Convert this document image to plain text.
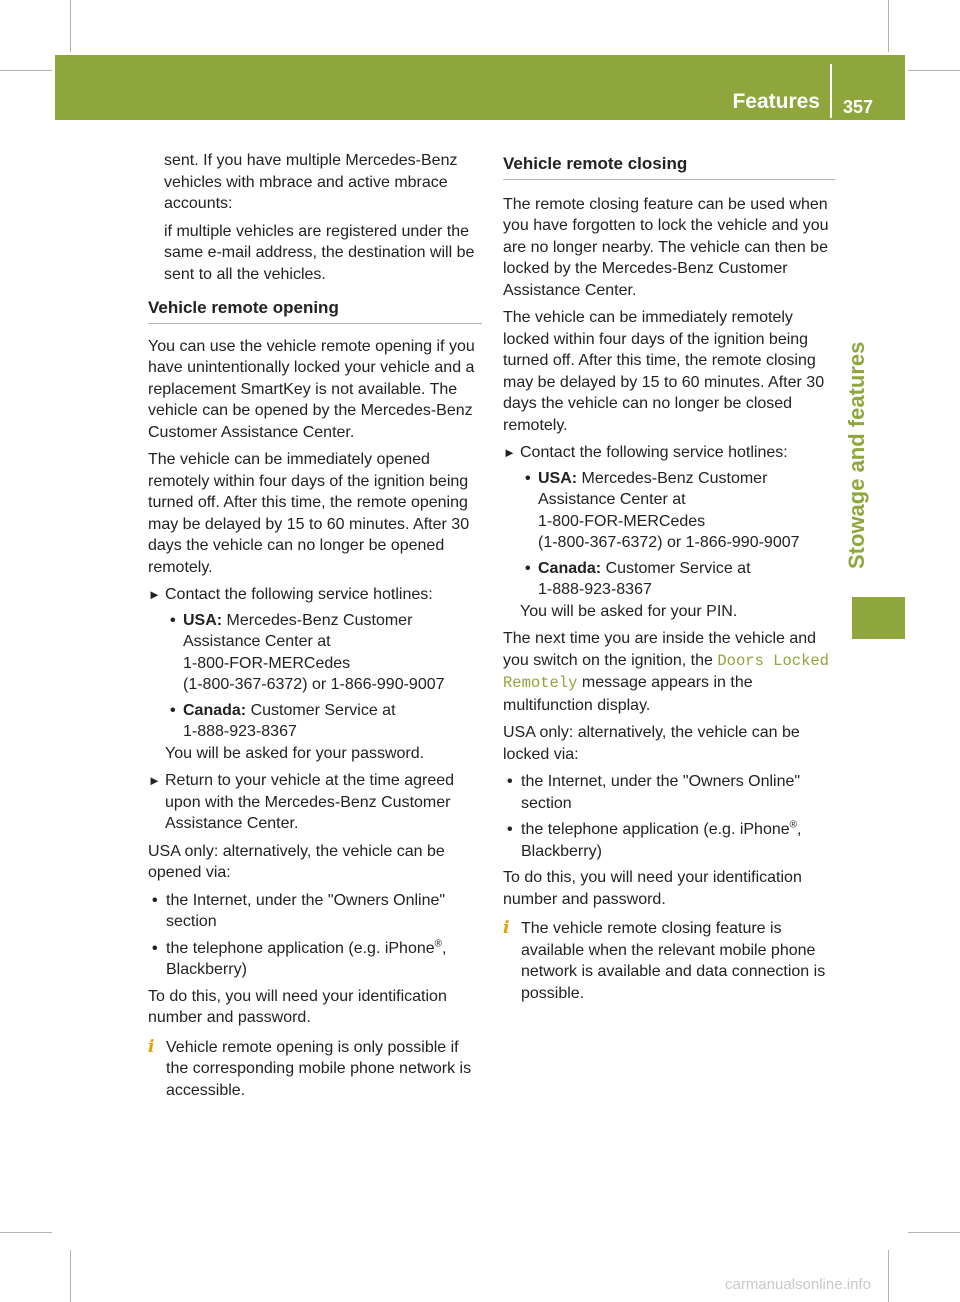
Features 357
Stowage and features

sent. If you have multiple Mercedes-Benz vehicles with mbrace and active mbrace accounts:

if multiple vehicles are registered under the same e-mail address, the destination will be sent to all the vehicles.

Vehicle remote opening

You can use the vehicle remote opening if you have unintentionally locked your vehicle and a replacement SmartKey is not available. The vehicle can be opened by the Mercedes-Benz Customer Assistance Center.

The vehicle can be immediately opened remotely within four days of the ignition being turned off. After this time, the remote opening may be delayed by 15 to 60 minutes. After 30 days the vehicle can no longer be opened remotely.

► Contact the following service hotlines:
• USA: Mercedes-Benz Customer Assistance Center at
1-800-FOR-MERCedes
(1-800-367-6372) or 1-866-990-9007
• Canada: Customer Service at
1-888-923-8367

You will be asked for your password.

► Return to your vehicle at the time agreed upon with the Mercedes-Benz Customer Assistance Center.

USA only: alternatively, the vehicle can be opened via:

• the Internet, under the "Owners Online" section
• the telephone application (e.g. iPhone®, Blackberry)

To do this, you will need your identification number and password.

i Vehicle remote opening is only possible if the corresponding mobile phone network is accessible.
Vehicle remote closing

The remote closing feature can be used when you have forgotten to lock the vehicle and you are no longer nearby. The vehicle can then be locked by the Mercedes-Benz Customer Assistance Center.

The vehicle can be immediately remotely locked within four days of the ignition being turned off. After this time, the remote closing may be delayed by 15 to 60 minutes. After 30 days the vehicle can no longer be closed remotely.

► Contact the following service hotlines:
• USA: Mercedes-Benz Customer Assistance Center at
1-800-FOR-MERCedes
(1-800-367-6372) or 1-866-990-9007
• Canada: Customer Service at
1-888-923-8367

You will be asked for your PIN.

The next time you are inside the vehicle and you switch on the ignition, the Doors Locked Remotely message appears in the multifunction display.

USA only: alternatively, the vehicle can be locked via:

• the Internet, under the "Owners Online" section
• the telephone application (e.g. iPhone®, Blackberry)

To do this, you will need your identification number and password.

i The vehicle remote closing feature is available when the relevant mobile phone network is available and data connection is possible.
carmanualsonline.info
